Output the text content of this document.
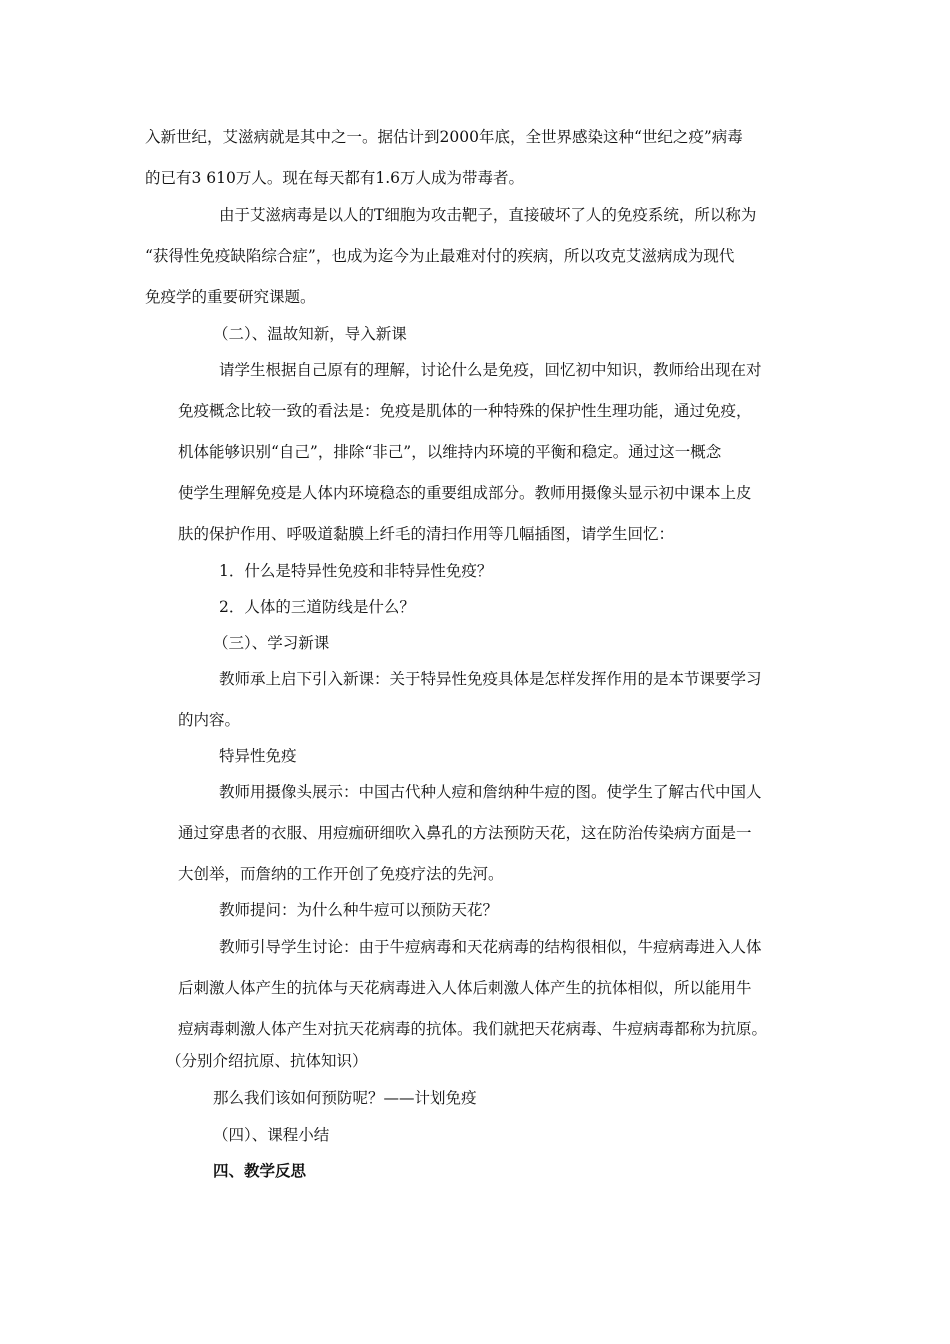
入新世纪，艾滋病就是其中之一。据估计到2000年底，全世界感染这种“世纪之疫”病毒

的已有3 610万人。现在每天都有1.6万人成为带毒者。

由于艾滋病毒是以人的T细胞为攻击靶子，直接破坏了人的免疫系统，所以称为

“获得性免疫缺陷综合症”，也成为迄今为止最难对付的疾病，所以攻克艾滋病成为现代

免疫学的重要研究课题。

（二）、温故知新，导入新课

请学生根据自己原有的理解，讨论什么是免疫，回忆初中知识，教师给出现在对

免疫概念比较一致的看法是：免疫是肌体的一种特殊的保护性生理功能，通过免疫，

机体能够识别“自己”，排除“非己”，以维持内环境的平衡和稳定。通过这一概念

使学生理解免疫是人体内环境稳态的重要组成部分。教师用摄像头显示初中课本上皮

肤的保护作用、呼吸道黏膜上纤毛的清扫作用等几幅插图，请学生回忆：

1．什么是特异性免疫和非特异性免疫？

2．人体的三道防线是什么？

（三）、学习新课

教师承上启下引入新课：关于特异性免疫具体是怎样发挥作用的是本节课要学习

的内容。

特异性免疫

教师用摄像头展示：中国古代种人痘和詹纳种牛痘的图。使学生了解古代中国人

通过穿患者的衣服、用痘痂研细吹入鼻孔的方法预防天花，这在防治传染病方面是一

大创举，而詹纳的工作开创了免疫疗法的先河。

教师提问：为什么种牛痘可以预防天花？

教师引导学生讨论：由于牛痘病毒和天花病毒的结构很相似，牛痘病毒进入人体

后刺激人体产生的抗体与天花病毒进入人体后刺激人体产生的抗体相似，所以能用牛

痘病毒刺激人体产生对抗天花病毒的抗体。我们就把天花病毒、牛痘病毒都称为抗原。

（分别介绍抗原、抗体知识）

那么我们该如何预防呢？——计划免疫

（四）、课程小结

四、教学反思
